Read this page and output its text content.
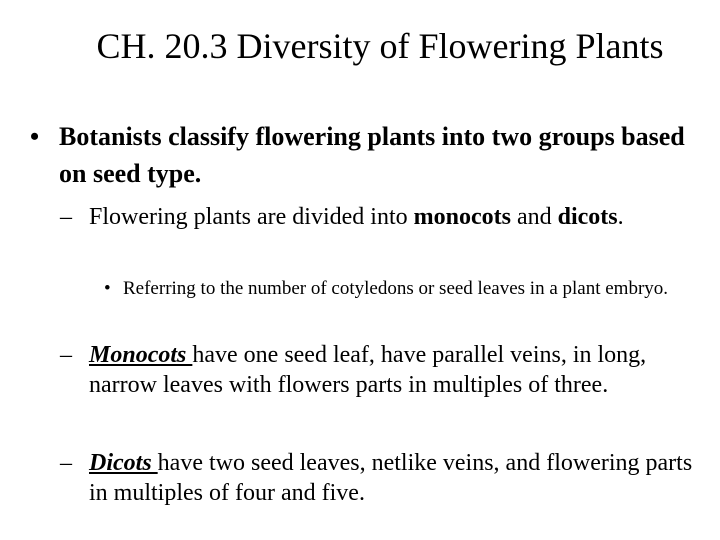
CH. 20.3 Diversity of Flowering Plants
• Botanists classify flowering plants into two groups based on seed type.
– Flowering plants are divided into monocots and dicots.
• Referring to the number of cotyledons or seed leaves in a plant embryo.
– Monocots have one seed leaf, have parallel veins, in long, narrow leaves with flowers parts in multiples of three.
– Dicots have two seed leaves, netlike veins, and flowering parts in multiples of four and five.
